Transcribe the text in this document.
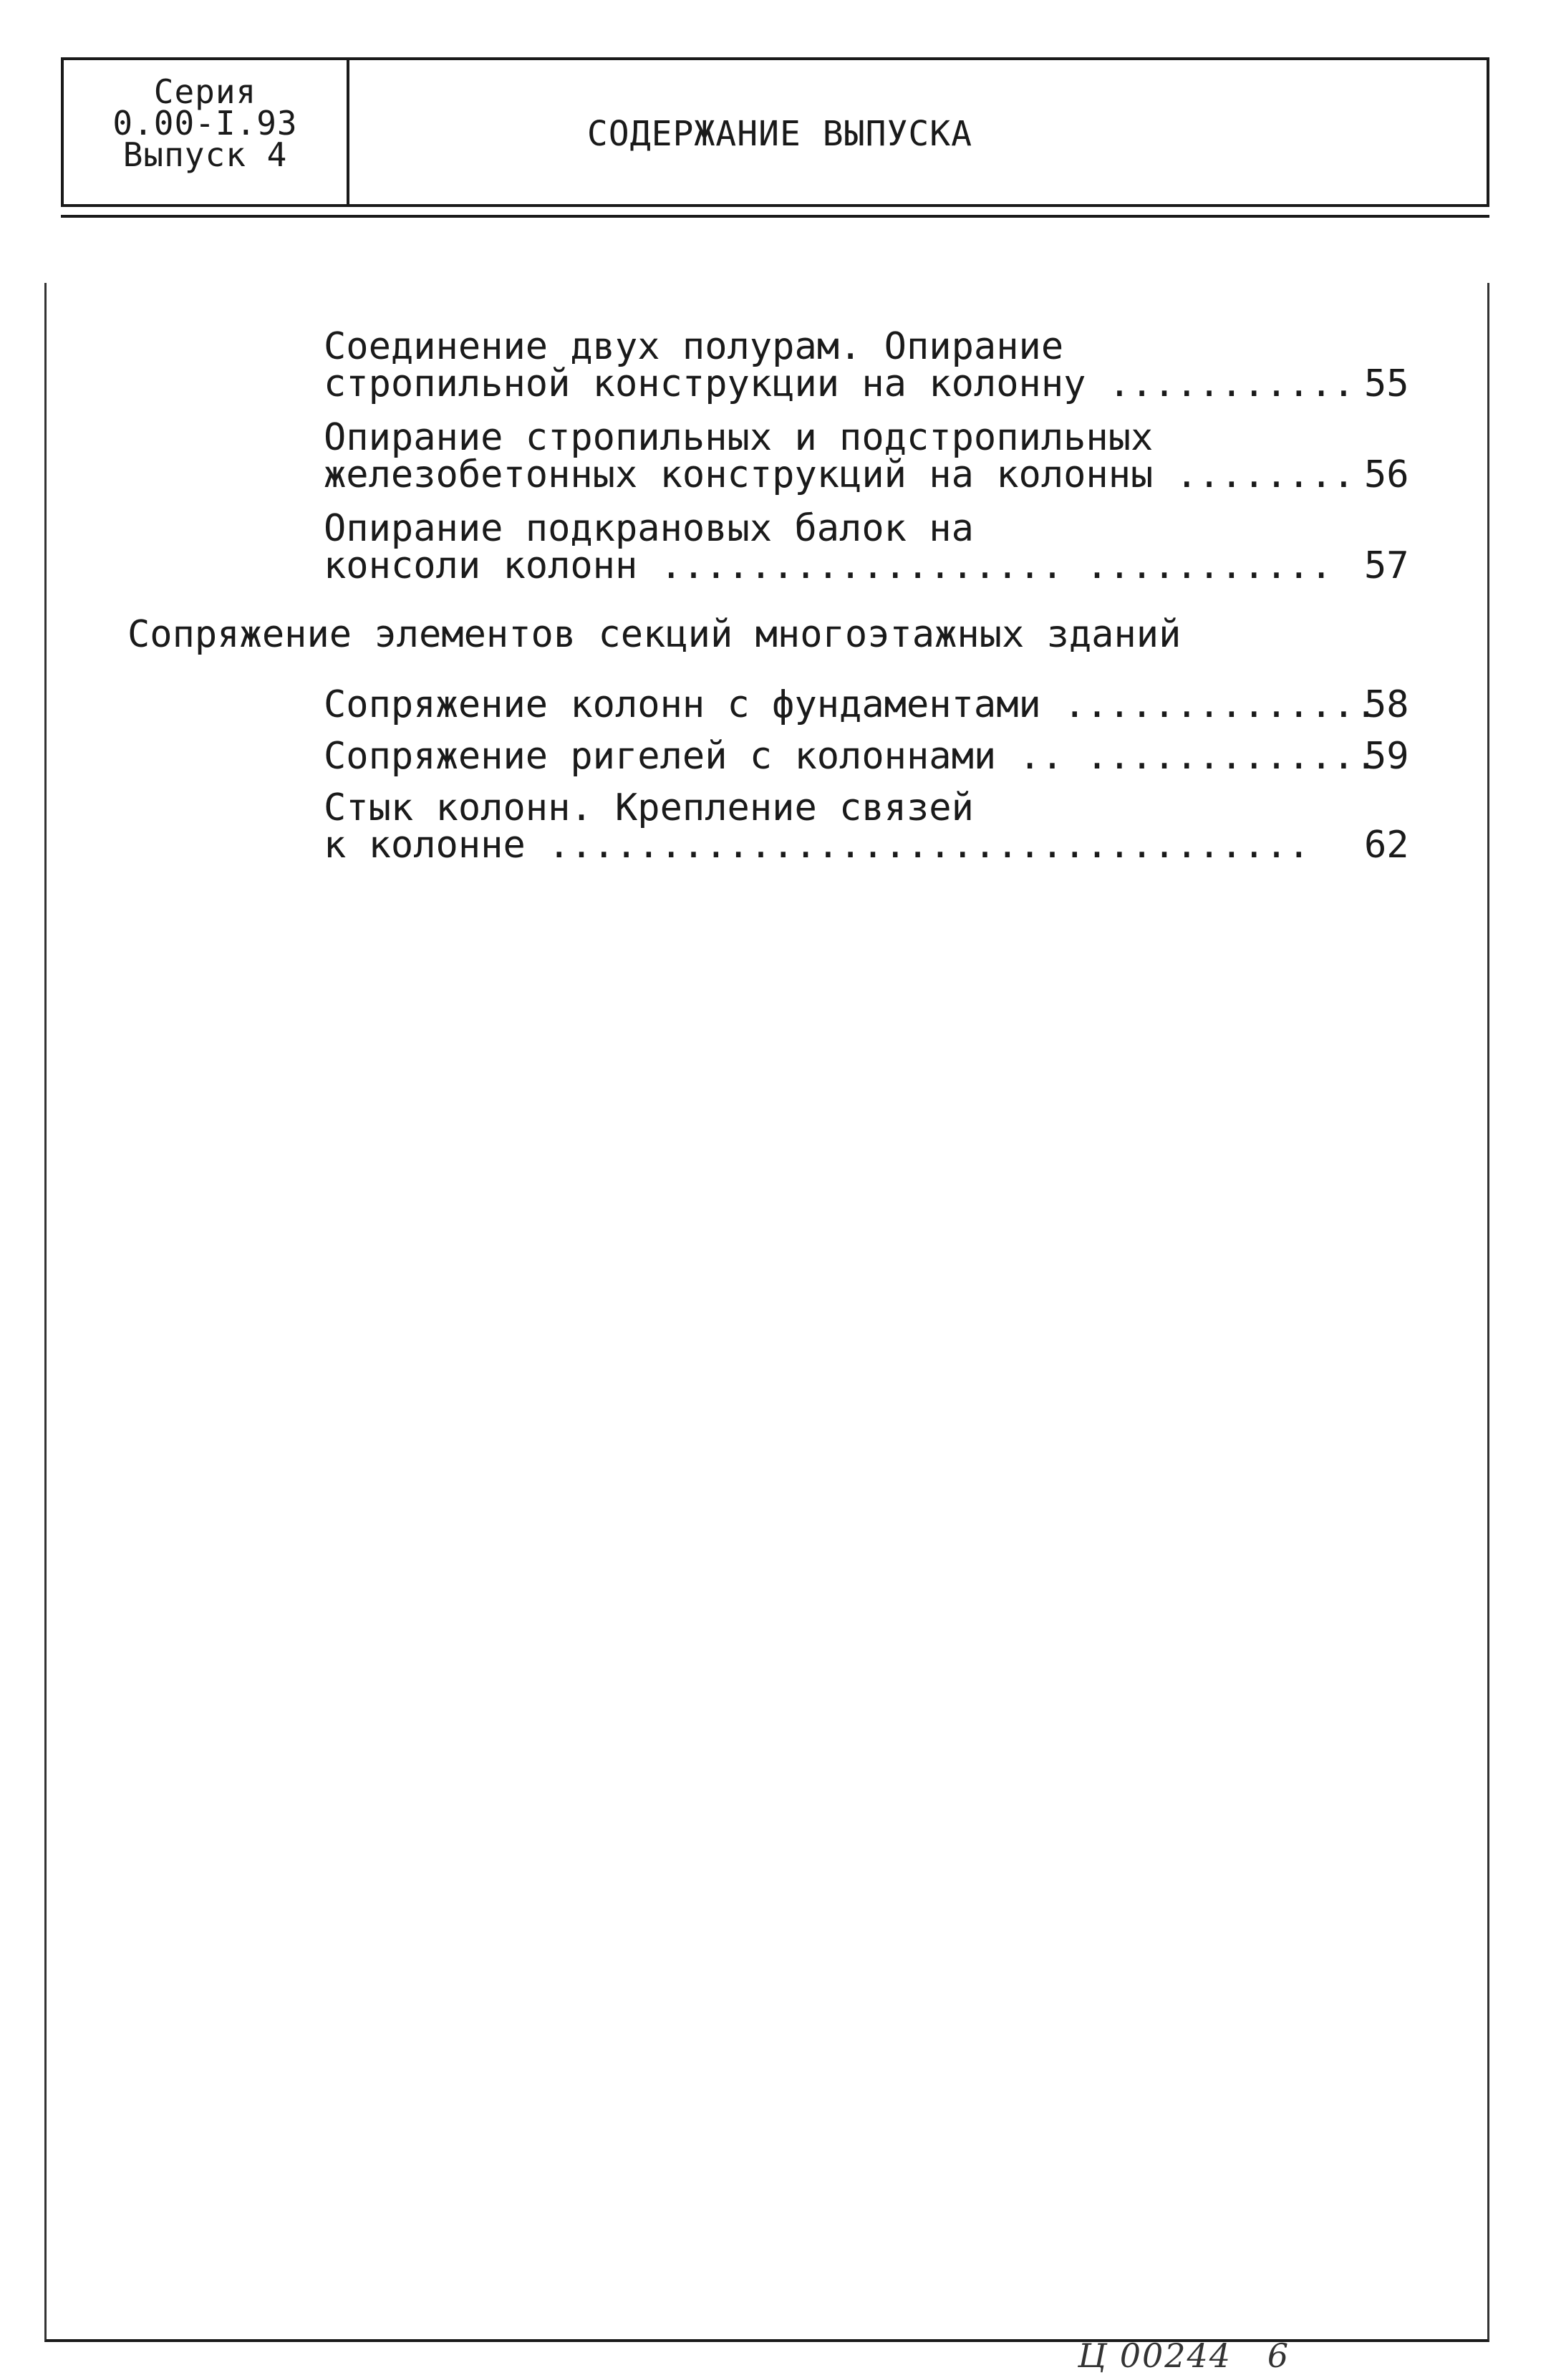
Серия
0.00-I.93
Выпуск 4
СОДЕРЖАНИЕ ВЫПУСКА
Соединение двух полурам. Опирание
стропильной конструкции на колонну ........... 55
Опирание стропильных и подстропильных
железобетонных конструкций на колонны ........ 56
Опирание подкрановых балок на
консоли колонн .................. ........... 57
Сопряжение элементов секций многоэтажных зданий
Сопряжение колонн с фундаментами ..............
58
Сопряжение ригелей с колоннами .. .............
59
Стык колонн. Крепление связей
к колонне .................................. 62
Ц 00244   6
